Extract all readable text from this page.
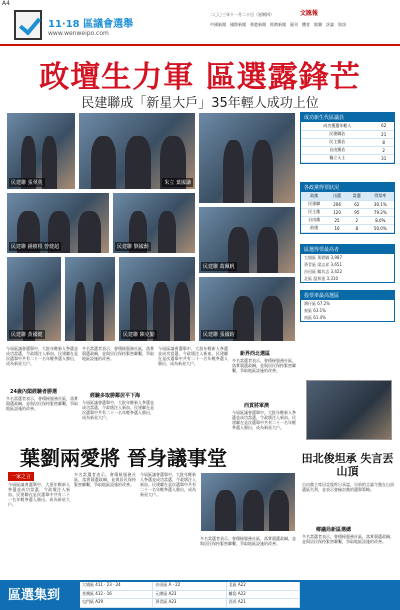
A4
11·18 區議會選舉
www.wenweipo.com
二〇〇三年十一月二十日（星期四）	文匯報
中國新聞 國際新聞 香港新聞 經濟新聞 副刊 體育 娛樂 評論 資訊
政壇生力軍 區選露鋒芒
民建聯成「新星大戶」35年輕人成功上位
民建聯 張翠英	朱立 葉國謙
民建聯 鍾樹根 曾健超	民建聯 劉國勳
民建聯 葛珮帆
民建聯 黃國健	民建聯 陳克勤	民建聯 張國鈞
成功新生代區議員
成功獲選年輕人	62
民建聯佔	21
民主黨佔	8
自由黨佔	2
獨立人士	31
各政黨得票狀況
政黨	出選	當選	得票率
民建聯	206	62	30.1%
民主黨	120	95	79.2%
自由黨	25	2	8.0%
前綫	16	8	50.0%
區選得票最高者
大埔區 黃碧嬌 3,987
葵青區 梁志祥 3,651
沙田區 鄺其志 3,422
北區 溫和達 3,310
投票率最高選區
灣仔區 67.2%
東區 63.1%
南區 61.4%
今屆區議會選舉中，大批年輕新人參選並成功當選，令政壇注入新血。民建聯在是次選舉中共有二十一名年輕參選人勝出，成為新星大戶。
24歲內閣經驗者勝選
多名當選者表示，會積極服務社區，落實競選政綱，並與居民保持緊密聯繫，爭取地區設施的改善。
多名當選者表示，會積極服務社區，落實競選政綱，並與居民保持緊密聯繫，爭取地區設施的改善。
經驗多取勝鄰居平下海
今屆區議會選舉中，大批年輕新人參選並成功當選，令政壇注入新血。民建聯在是次選舉中共有二十一名年輕參選人勝出，成為新星大戶。
今屆區議會選舉中，大批年輕新人參選並成功當選，令政壇注入新血。民建聯在是次選舉中共有二十一名年輕參選人勝出，成為新星大戶。
新界西北選區
多名當選者表示，會積極服務社區，落實競選政綱，並與居民保持緊密聯繫，爭取地區設施的改善。
西貢將軍澳
今屆區議會選舉中，大批年輕新人參選並成功當選，令政壇注入新血。民建聯在是次選舉中共有二十一名年輕參選人勝出，成為新星大戶。
葉劉兩愛將 晉身議事堂
一家之言
今屆區議會選舉中，大批年輕新人參選並成功當選，令政壇注入新血。民建聯在是次選舉中共有二十一名年輕參選人勝出，成為新星大戶。
多名當選者表示，會積極服務社區，落實競選政綱，並與居民保持緊密聯繫，爭取地區設施的改善。
今屆區議會選舉中，大批年輕新人參選並成功當選，令政壇注入新血。民建聯在是次選舉中共有二十一名年輕參選人勝出，成為新星大戶。
多名當選者表示，會積極服務社區，落實競選政綱，並與居民保持緊密聯繫，爭取地區設施的改善。
田北俊坦承 失言丟山頂
自由黨主席田北俊昨日承認，早前的言論令黨在山頂選區失利，並表示會檢討黨的選舉策略。
鄉議局新區選總
多名當選者表示，會積極服務社區，落實競選政綱，並與居民保持緊密聯繫，爭取地區設施的改善。
區選集到
大埔區 411 · 23 · 24	沙田區 A · 22	北區 A22
荃灣區 412 · 16	元朗區 A23	離島 A22
屯門區 A29	葵青區 A23	西貢 A21
